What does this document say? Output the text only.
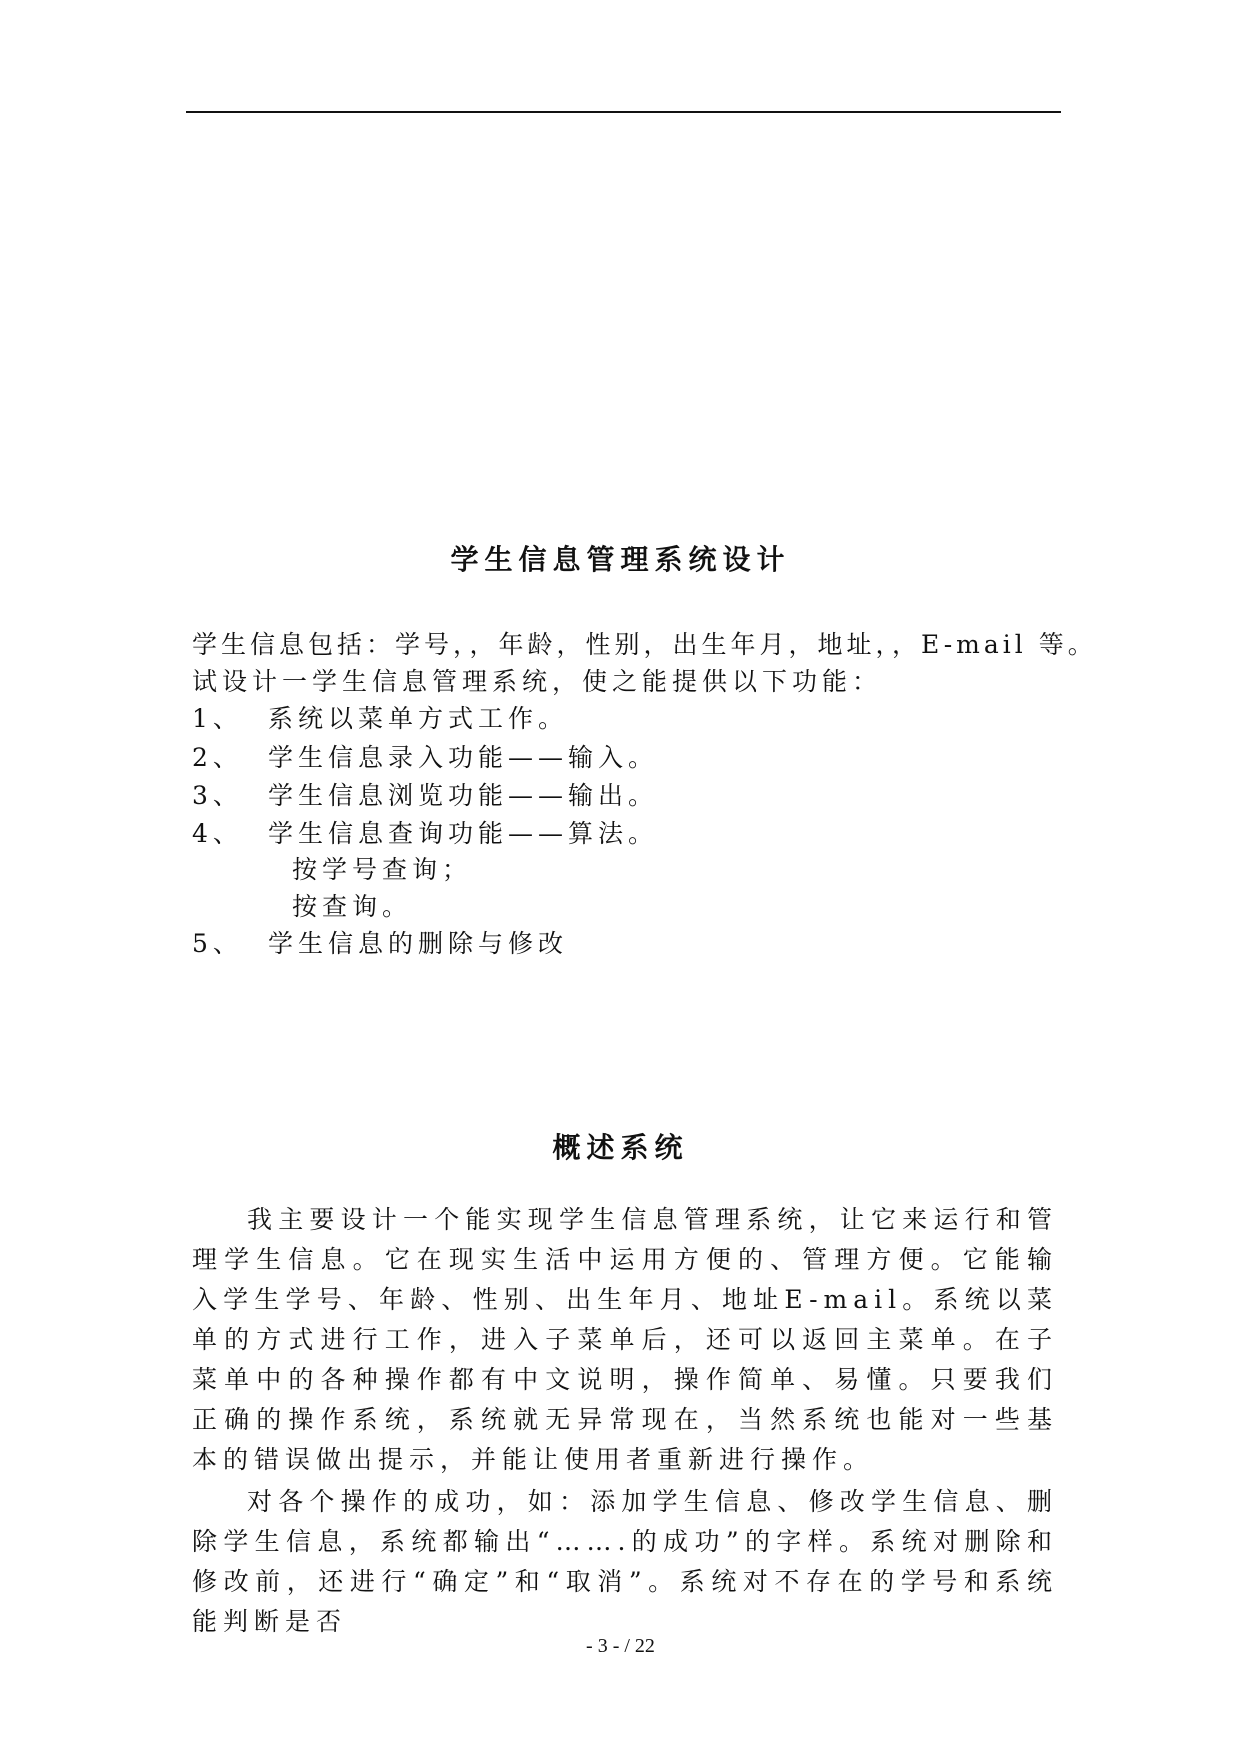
学生信息管理系统设计

学生信息包括：学号，，年龄，性别，出生年月，地址，，E-mail 等。

试设计一学生信息管理系统，使之能提供以下功能：

1、 系统以菜单方式工作。
2、 学生信息录入功能——输入。
3、 学生信息浏览功能——输出。
4、 学生信息查询功能——算法。

按学号查询；

按查询。

5、 学生信息的删除与修改
概述系统

我主要设计一个能实现学生信息管理系统，让它来运行和管理学生信息。它在现实生活中运用方便的、管理方便。它能输入学生学号、年龄、性别、出生年月、地址E-mail。系统以菜单的方式进行工作，进入子菜单后，还可以返回主菜单。在子菜单中的各种操作都有中文说明，操作简单、易懂。只要我们正确的操作系统，系统就无异常现在，当然系统也能对一些基本的错误做出提示，并能让使用者重新进行操作。

对各个操作的成功，如：添加学生信息、修改学生信息、删除学生信息，系统都输出“…….的成功”的字样。系统对删除和修改前，还进行“确定”和“取消”。系统对不存在的学号和系统能判断是否

- 3 - / 22
